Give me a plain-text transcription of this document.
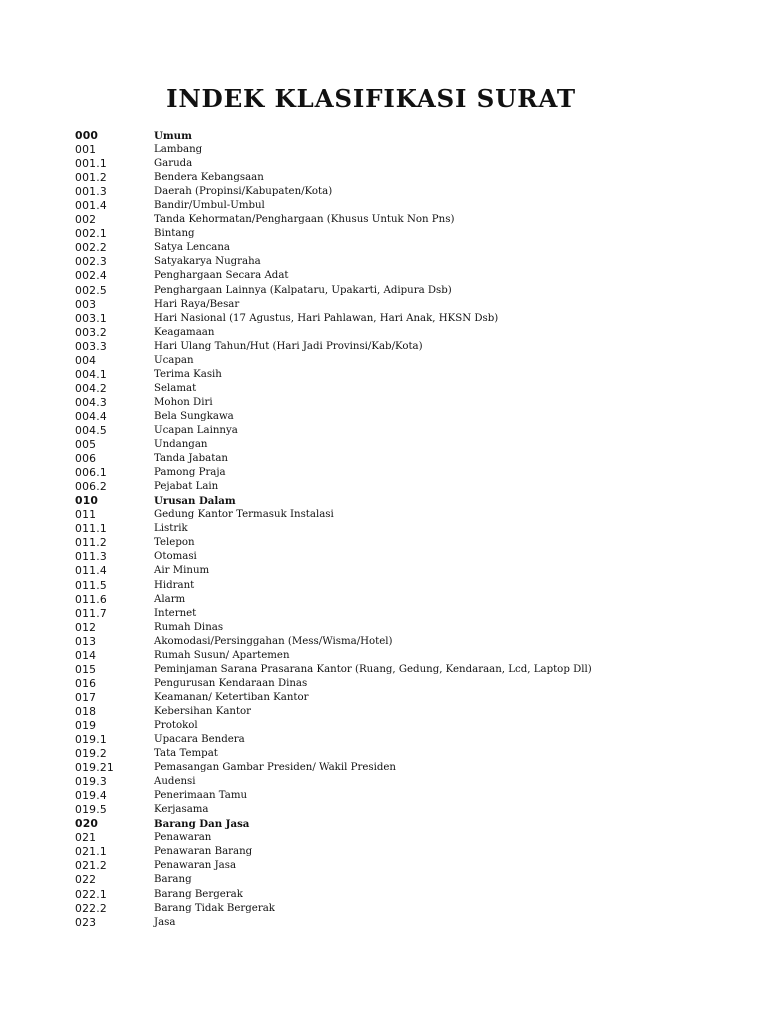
INDEK KLASIFIKASI SURAT
000	Umum
001	Lambang
001.1	Garuda
001.2	Bendera Kebangsaan
001.3	Daerah (Propinsi/Kabupaten/Kota)
001.4	Bandir/Umbul-Umbul
002	Tanda Kehormatan/Penghargaan (Khusus Untuk Non Pns)
002.1	Bintang
002.2	Satya Lencana
002.3	Satyakarya Nugraha
002.4	Penghargaan Secara Adat
002.5	Penghargaan Lainnya (Kalpataru, Upakarti, Adipura Dsb)
003	Hari Raya/Besar
003.1	Hari Nasional (17 Agustus, Hari Pahlawan, Hari Anak, HKSN Dsb)
003.2	Keagamaan
003.3	Hari Ulang Tahun/Hut (Hari Jadi Provinsi/Kab/Kota)
004	Ucapan
004.1	Terima Kasih
004.2	Selamat
004.3	Mohon Diri
004.4	Bela Sungkawa
004.5	Ucapan Lainnya
005	Undangan
006	Tanda Jabatan
006.1	Pamong Praja
006.2	Pejabat Lain
010	Urusan Dalam
011	Gedung Kantor Termasuk Instalasi
011.1	Listrik
011.2	Telepon
011.3	Otomasi
011.4	Air Minum
011.5	Hidrant
011.6	Alarm
011.7	Internet
012	Rumah Dinas
013	Akomodasi/Persinggahan (Mess/Wisma/Hotel)
014	Rumah Susun/ Apartemen
015	Peminjaman Sarana Prasarana Kantor (Ruang, Gedung, Kendaraan, Lcd, Laptop Dll)
016	Pengurusan Kendaraan Dinas
017	Keamanan/ Ketertiban Kantor
018	Kebersihan Kantor
019	Protokol
019.1	Upacara Bendera
019.2	Tata Tempat
019.21	Pemasangan Gambar Presiden/ Wakil Presiden
019.3	Audensi
019.4	Penerimaan Tamu
019.5	Kerjasama
020	Barang Dan Jasa
021	Penawaran
021.1	Penawaran Barang
021.2	Penawaran Jasa
022	Barang
022.1	Barang Bergerak
022.2	Barang Tidak Bergerak
023	Jasa
